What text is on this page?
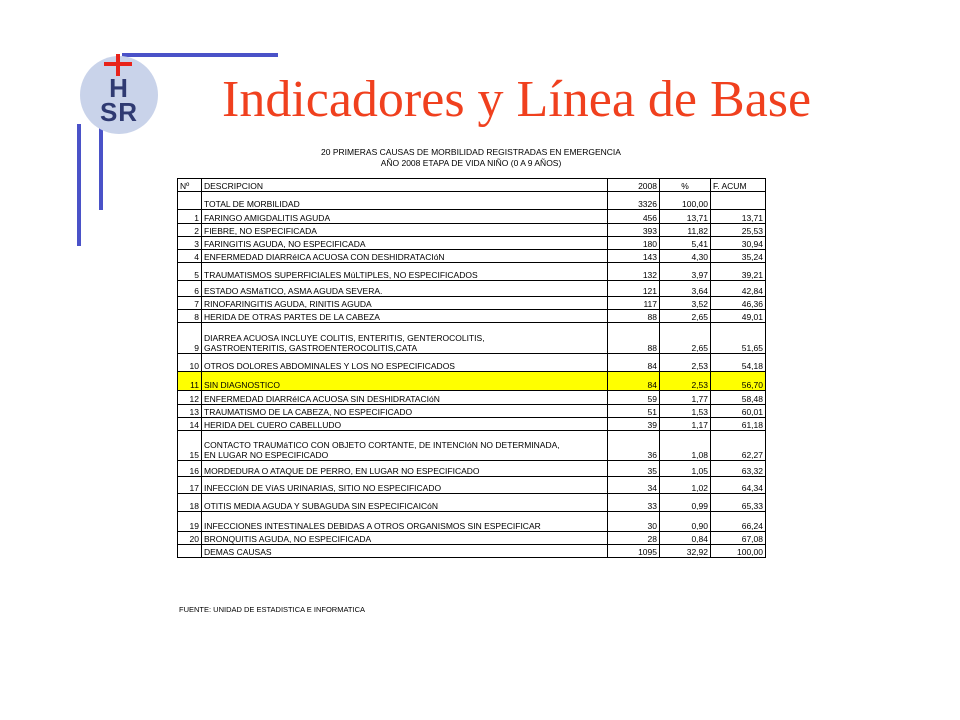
H
SR	Indicadores y Línea de Base
20 PRIMERAS CAUSAS DE MORBILIDAD REGISTRADAS EN EMERGENCIA
AÑO 2008 ETAPA DE VIDA NIÑO (0 A 9 AÑOS)
Nº	DESCRIPCION	2008	%	F. ACUM
	TOTAL DE MORBILIDAD	3326	100,00	
1	FARINGO AMIGDALITIS AGUDA	456	13,71	13,71
2	FIEBRE, NO ESPECIFICADA	393	11,82	25,53
3	FARINGITIS AGUDA, NO ESPECIFICADA	180	5,41	30,94
4	ENFERMEDAD DIARRéICA ACUOSA CON DESHIDRATACIóN	143	4,30	35,24
5	TRAUMATISMOS SUPERFICIALES MúLTIPLES, NO ESPECIFICADOS	132	3,97	39,21
6	ESTADO ASMáTICO, ASMA AGUDA SEVERA.	121	3,64	42,84
7	RINOFARINGITIS AGUDA, RINITIS AGUDA	117	3,52	46,36
8	HERIDA DE OTRAS PARTES DE LA CABEZA	88	2,65	49,01
9	DIARREA ACUOSA INCLUYE COLITIS, ENTERITIS, GENTEROCOLITIS,
GASTROENTERITIS, GASTROENTEROCOLITIS,CATA	88	2,65	51,65
10	OTROS DOLORES ABDOMINALES Y LOS NO ESPECIFICADOS	84	2,53	54,18
11	SIN DIAGNOSTICO	84	2,53	56,70
12	ENFERMEDAD DIARRéICA ACUOSA SIN DESHIDRATACIóN	59	1,77	58,48
13	TRAUMATISMO DE LA CABEZA, NO ESPECIFICADO	51	1,53	60,01
14	HERIDA DEL CUERO CABELLUDO	39	1,17	61,18
15	CONTACTO TRAUMáTICO CON OBJETO CORTANTE, DE INTENCIóN NO DETERMINADA,
EN LUGAR NO ESPECIFICADO	36	1,08	62,27
16	MORDEDURA O ATAQUE DE PERRO, EN LUGAR NO ESPECIFICADO	35	1,05	63,32
17	INFECCIóN DE VíAS URINARIAS, SITIO NO ESPECIFICADO	34	1,02	64,34
18	OTITIS MEDIA AGUDA Y SUBAGUDA SIN ESPECIFICAICóN	33	0,99	65,33
19	INFECCIONES INTESTINALES DEBIDAS A OTROS ORGANISMOS SIN ESPECIFICAR	30	0,90	66,24
20	BRONQUITIS AGUDA, NO ESPECIFICADA	28	0,84	67,08
	DEMAS CAUSAS	1095	32,92	100,00
FUENTE: UNIDAD DE ESTADISTICA E INFORMATICA
